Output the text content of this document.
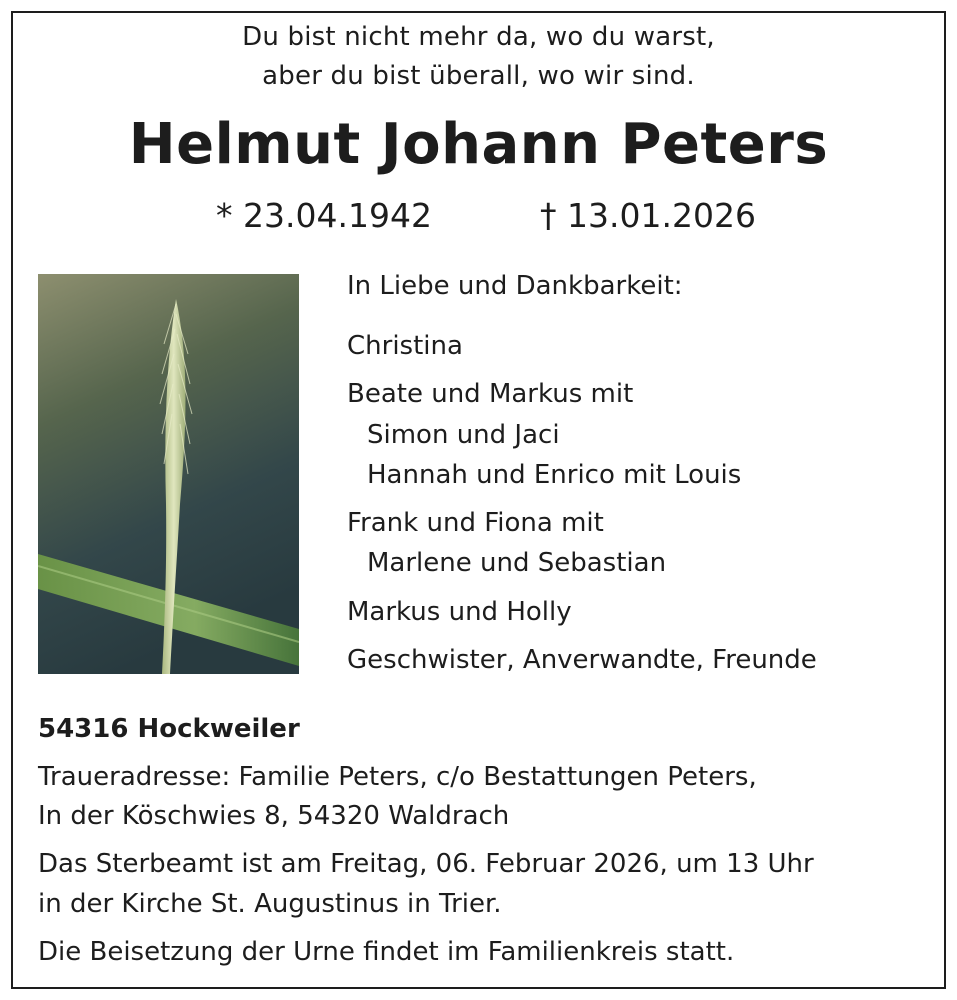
Du bist nicht mehr da, wo du warst,
aber du bist überall, wo wir sind.
Helmut Johann Peters
* 23.04.1942	† 13.01.2026
In Liebe und Dankbarkeit:
Christina
Beate und Markus mit
Simon und Jaci
Hannah und Enrico mit Louis
Frank und Fiona mit
Marlene und Sebastian
Markus und Holly
Geschwister, Anverwandte, Freunde
54316 Hockweiler
Traueradresse: Familie Peters, c/o Bestattungen Peters,
In der Köschwies 8, 54320 Waldrach
Das Sterbeamt ist am Freitag, 06. Februar 2026, um 13 Uhr
in der Kirche St. Augustinus in Trier.
Die Beisetzung der Urne findet im Familienkreis statt.
